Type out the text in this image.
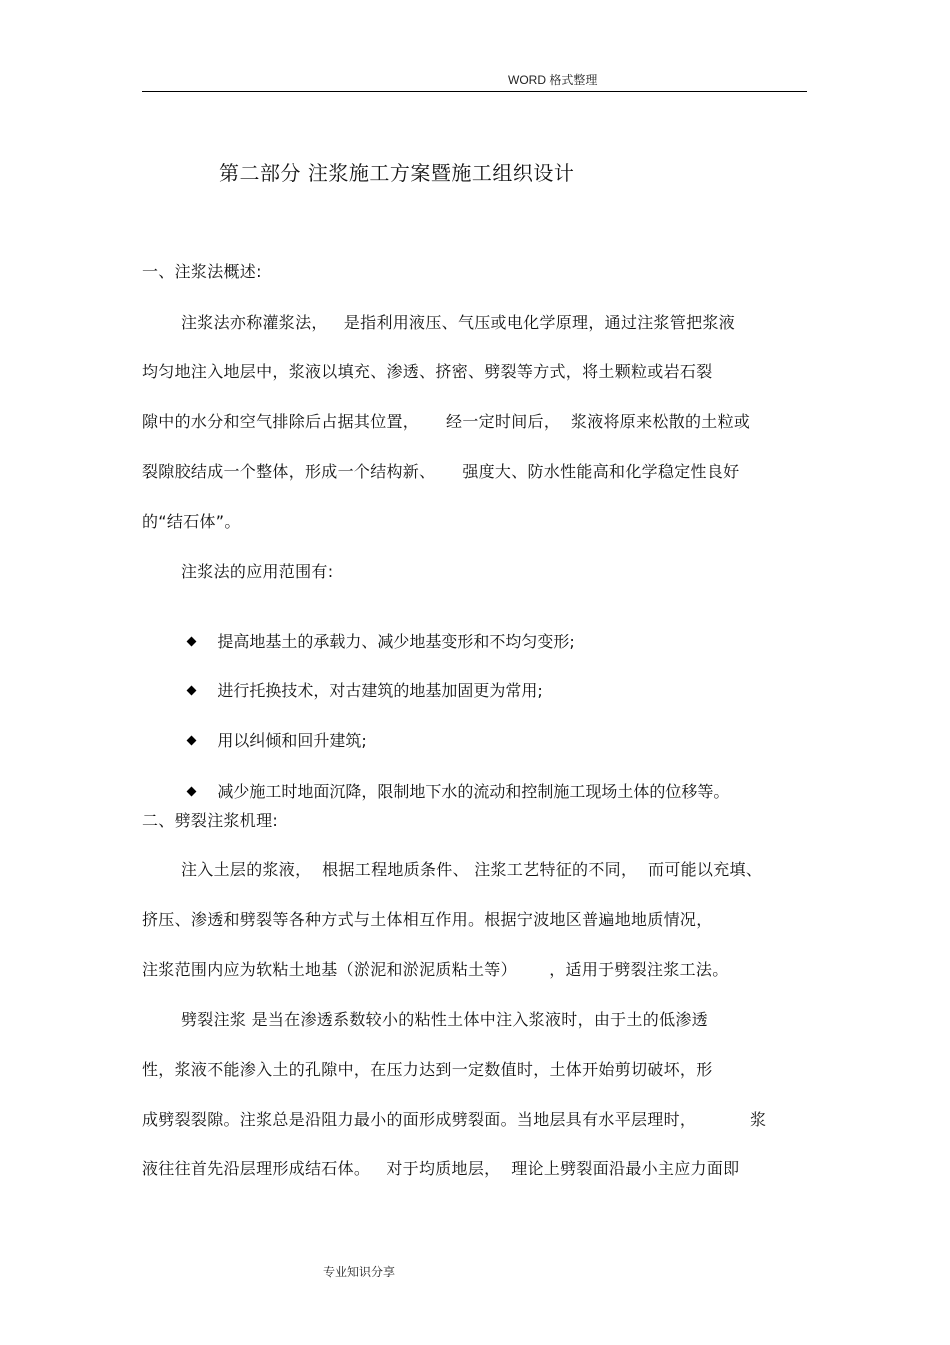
WORD 格式整理
第二部分 注浆施工方案暨施工组织设计
一、注浆法概述:
注浆法亦称灌浆法，   是指利用液压、气压或电化学原理，通过注浆管把浆液
均匀地注入地层中，浆液以填充、渗透、挤密、劈裂等方式，将土颗粒或岩石裂
隙中的水分和空气排除后占据其位置，     经一定时间后，  浆液将原来松散的土粒或
裂隙胶结成一个整体，形成一个结构新、     强度大、防水性能高和化学稳定性良好
的“结石体”。
注浆法的应用范围有:

提高地基土的承载力、减少地基变形和不均匀变形;

进行托换技术，对古建筑的地基加固更为常用;

用以纠倾和回升建筑;

减少施工时地面沉降，限制地下水的流动和控制施工现场土体的位移等。

二、劈裂注浆机理:
注入土层的浆液，  根据工程地质条件、 注浆工艺特征的不同，  而可能以充填、
挤压、渗透和劈裂等各种方式与土体相互作用。根据宁波地区普遍地地质情况，
注浆范围内应为软粘土地基（淤泥和淤泥质粘土等）      ，适用于劈裂注浆工法。
劈裂注浆 是当在渗透系数较小的粘性土体中注入浆液时，由于土的低渗透
性，浆液不能渗入土的孔隙中，在压力达到一定数值时，土体开始剪切破坏，形
成劈裂裂隙。注浆总是沿阻力最小的面形成劈裂面。当地层具有水平层理时，          浆
液往往首先沿层理形成结石体。   对于均质地层，  理论上劈裂面沿最小主应力面即
专业知识分享
